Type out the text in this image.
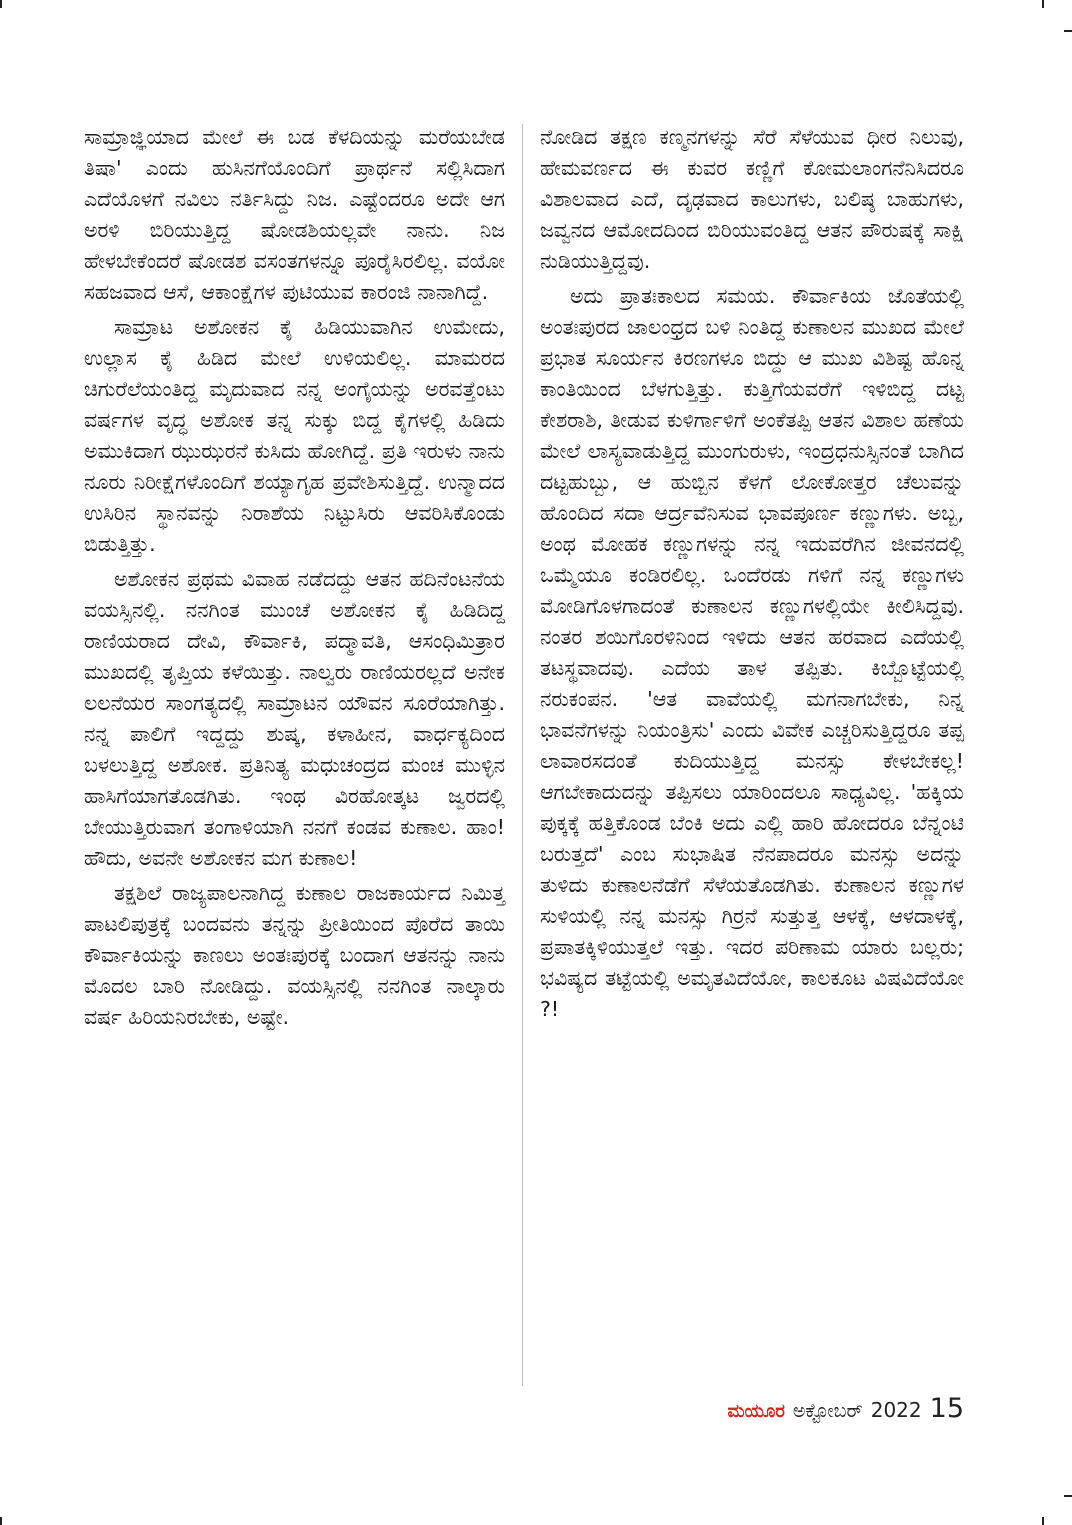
ಸಾಮ್ರಾಜ್ಞಿಯಾದ ಮೇಲೆ ಈ ಬಡ ಕೆಳದಿಯನ್ನು ಮರೆಯಬೇಡ ತಿಷಾ' ಎಂದು ಹುಸಿನಗೆಯೊಂದಿಗೆ ಪ್ರಾರ್ಥನೆ ಸಲ್ಲಿಸಿದಾಗ ಎದೆಯೊಳಗೆ ನವಿಲು ನರ್ತಿಸಿದ್ದು ನಿಜ. ಎಷ್ಟೆಂದರೂ ಅದೇ ಆಗ ಅರಳಿ ಬಿರಿಯುತ್ತಿದ್ದ ಷೋಡಶಿಯಲ್ಲವೇ ನಾನು. ನಿಜ ಹೇಳಬೇಕೆಂದರೆ ಷೋಡಶ ವಸಂತಗಳನ್ನೂ ಪೂರೈಸಿರಲಿಲ್ಲ. ವಯೋ ಸಹಜವಾದ ಆಸೆ, ಆಕಾಂಕ್ಷೆಗಳ ಪುಟಿಯುವ ಕಾರಂಜಿ ನಾನಾಗಿದ್ದೆ.

ಸಾಮ್ರಾಟ ಅಶೋಕನ ಕೈ ಹಿಡಿಯುವಾಗಿನ ಉಮೇದು, ಉಲ್ಲಾಸ ಕೈ ಹಿಡಿದ ಮೇಲೆ ಉಳಿಯಲಿಲ್ಲ. ಮಾಮರದ ಚಿಗುರೆಲೆಯಂತಿದ್ದ ಮೃದುವಾದ ನನ್ನ ಅಂಗೈಯನ್ನು ಅರವತ್ತೆಂಟು ವರ್ಷಗಳ ವೃದ್ಧ ಅಶೋಕ ತನ್ನ ಸುಕ್ಕು ಬಿದ್ದ ಕೈಗಳಲ್ಲಿ ಹಿಡಿದು ಅಮುಕಿದಾಗ ಝುಝರನೆ ಕುಸಿದು ಹೋಗಿದ್ದೆ. ಪ್ರತಿ ಇರುಳು ನಾನು ನೂರು ನಿರೀಕ್ಷೆಗಳೊಂದಿಗೆ ಶಯ್ಯಾಗೃಹ ಪ್ರವೇಶಿಸುತ್ತಿದ್ದೆ. ಉನ್ಮಾದದ ಉಸಿರಿನ ಸ್ಥಾನವನ್ನು ನಿರಾಶೆಯ ನಿಟ್ಟುಸಿರು ಆವರಿಸಿಕೊಂಡು ಬಿಡುತ್ತಿತ್ತು.

ಅಶೋಕನ ಪ್ರಥಮ ವಿವಾಹ ನಡೆದದ್ದು ಆತನ ಹದಿನೆಂಟನೆಯ ವಯಸ್ಸಿನಲ್ಲಿ. ನನಗಿಂತ ಮುಂಚೆ ಅಶೋಕನ ಕೈ ಹಿಡಿದಿದ್ದ ರಾಣಿಯರಾದ ದೇವಿ, ಕೌರ್ವಾಕಿ, ಪದ್ಮಾವತಿ, ಆಸಂಧಿಮಿತ್ರಾರ ಮುಖದಲ್ಲಿ ತೃಪ್ತಿಯ ಕಳೆಯಿತ್ತು. ನಾಲ್ವರು ರಾಣಿಯರಲ್ಲದೆ ಅನೇಕ ಲಲನೆಯರ ಸಾಂಗತ್ಯದಲ್ಲಿ ಸಾಮ್ರಾಟನ ಯೌವನ ಸೂರೆಯಾಗಿತ್ತು. ನನ್ನ ಪಾಲಿಗೆ ಇದ್ದದ್ದು ಶುಷ್ಕ, ಕಳಾಹೀನ, ವಾರ್ಧಕ್ಯದಿಂದ ಬಳಲುತ್ತಿದ್ದ ಅಶೋಕ. ಪ್ರತಿನಿತ್ಯ ಮಧುಚಂದ್ರದ ಮಂಚ ಮುಳ್ಳಿನ ಹಾಸಿಗೆಯಾಗತೊಡಗಿತು. ಇಂಥ ವಿರಹೋತ್ಕಟ ಜ್ವರದಲ್ಲಿ ಬೇಯುತ್ತಿರುವಾಗ ತಂಗಾಳಿಯಾಗಿ ನನಗೆ ಕಂಡವ ಕುಣಾಲ. ಹಾಂ! ಹೌದು, ಅವನೇ ಅಶೋಕನ ಮಗ ಕುಣಾಲ!

ತಕ್ಷಶಿಲೆ ರಾಜ್ಯಪಾಲನಾಗಿದ್ದ ಕುಣಾಲ ರಾಜಕಾರ್ಯದ ನಿಮಿತ್ತ ಪಾಟಲಿಪುತ್ರಕ್ಕೆ ಬಂದವನು ತನ್ನನ್ನು ಪ್ರೀತಿಯಿಂದ ಪೊರೆದ ತಾಯಿ ಕೌರ್ವಾಕಿಯನ್ನು ಕಾಣಲು ಅಂತಃಪುರಕ್ಕೆ ಬಂದಾಗ ಆತನನ್ನು ನಾನು ಮೊದಲ ಬಾರಿ ನೋಡಿದ್ದು. ವಯಸ್ಸಿನಲ್ಲಿ ನನಗಿಂತ ನಾಲ್ಕಾರು ವರ್ಷ ಹಿರಿಯನಿರಬೇಕು, ಅಷ್ಟೇ.

ನೋಡಿದ ತಕ್ಷಣ ಕಣ್ಮನಗಳನ್ನು ಸೆರೆ ಸೆಳೆಯುವ ಧೀರ ನಿಲುವು, ಹೇಮವರ್ಣದ ಈ ಕುವರ ಕಣ್ಣಿಗೆ ಕೋಮಲಾಂಗನೆನಿಸಿದರೂ ವಿಶಾಲವಾದ ಎದೆ, ದೃಢವಾದ ಕಾಲುಗಳು, ಬಲಿಷ್ಠ ಬಾಹುಗಳು, ಜವ್ವನದ ಆಮೋದದಿಂದ ಬಿರಿಯುವಂತಿದ್ದ ಆತನ ಪೌರುಷಕ್ಕೆ ಸಾಕ್ಷಿ ನುಡಿಯುತ್ತಿದ್ದವು.

ಅದು ಪ್ರಾತಃಕಾಲದ ಸಮಯ. ಕೌರ್ವಾಕಿಯ ಜೊತೆಯಲ್ಲಿ ಅಂತಃಪುರದ ಜಾಲಂಧ್ರದ ಬಳಿ ನಿಂತಿದ್ದ ಕುಣಾಲನ ಮುಖದ ಮೇಲೆ ಪ್ರಭಾತ ಸೂರ್ಯನ ಕಿರಣಗಳೂ ಬಿದ್ದು ಆ ಮುಖ ವಿಶಿಷ್ಟ ಹೊನ್ನ ಕಾಂತಿಯಿಂದ ಬೆಳಗುತ್ತಿತ್ತು. ಕುತ್ತಿಗೆಯವರೆಗೆ ಇಳಿಬಿದ್ದ ದಟ್ಟ ಕೇಶರಾಶಿ, ತೀಡುವ ಕುಳಿರ್ಗಾಳಿಗೆ ಅಂಕೆತಪ್ಪಿ ಆತನ ವಿಶಾಲ ಹಣೆಯ ಮೇಲೆ ಲಾಸ್ಯವಾಡುತ್ತಿದ್ದ ಮುಂಗುರುಳು, ಇಂದ್ರಧನುಸ್ಸಿನಂತೆ ಬಾಗಿದ ದಟ್ಟಹುಬ್ಬು, ಆ ಹುಬ್ಬಿನ ಕೆಳಗೆ ಲೋಕೋತ್ತರ ಚೆಲುವನ್ನು ಹೊಂದಿದ ಸದಾ ಆರ್ದ್ರವೆನಿಸುವ ಭಾವಪೂರ್ಣ ಕಣ್ಣುಗಳು. ಅಬ್ಬ, ಅಂಥ ಮೋಹಕ ಕಣ್ಣುಗಳನ್ನು ನನ್ನ ಇದುವರೆಗಿನ ಜೀವನದಲ್ಲಿ ಒಮ್ಮೆಯೂ ಕಂಡಿರಲಿಲ್ಲ. ಒಂದೆರಡು ಗಳಿಗೆ ನನ್ನ ಕಣ್ಣುಗಳು ಮೋಡಿಗೊಳಗಾದಂತೆ ಕುಣಾಲನ ಕಣ್ಣುಗಳಲ್ಲಿಯೇ ಕೀಲಿಸಿದ್ದವು. ನಂತರ ಶಯಿಗೊರಳಿನಿಂದ ಇಳಿದು ಆತನ ಹರವಾದ ಎದೆಯಲ್ಲಿ ತಟಸ್ಥವಾದವು. ಎದೆಯ ತಾಳ ತಪ್ಪಿತು. ಕಿಬ್ಬೊಟ್ಟೆಯಲ್ಲಿ ನರುಕಂಪನ. 'ಆತ ವಾವೆಯಲ್ಲಿ ಮಗನಾಗಬೇಕು, ನಿನ್ನ ಭಾವನೆಗಳನ್ನು ನಿಯಂತ್ರಿಸು' ಎಂದು ವಿವೇಕ ಎಚ್ಚರಿಸುತ್ತಿದ್ದರೂ ತಪ್ಪ ಲಾವಾರಸದಂತೆ ಕುದಿಯುತ್ತಿದ್ದ ಮನಸ್ಸು ಕೇಳಬೇಕಲ್ಲ! ಆಗಬೇಕಾದುದನ್ನು ತಪ್ಪಿಸಲು ಯಾರಿಂದಲೂ ಸಾಧ್ಯವಿಲ್ಲ. 'ಹಕ್ಕಿಯ ಪುಕ್ಕಕ್ಕೆ ಹತ್ತಿಕೊಂಡ ಬೆಂಕಿ ಅದು ಎಲ್ಲಿ ಹಾರಿ ಹೋದರೂ ಬೆನ್ನಂಟಿ ಬರುತ್ತದೆ' ಎಂಬ ಸುಭಾಷಿತ ನೆನಪಾದರೂ ಮನಸ್ಸು ಅದನ್ನು ತುಳಿದು ಕುಣಾಲನೆಡೆಗೆ ಸೆಳೆಯತೊಡಗಿತು. ಕುಣಾಲನ ಕಣ್ಣುಗಳ ಸುಳಿಯಲ್ಲಿ ನನ್ನ ಮನಸ್ಸು ಗಿರ್ರನೆ ಸುತ್ತುತ್ತ ಆಳಕ್ಕೆ, ಆಳದಾಳಕ್ಕೆ, ಪ್ರಪಾತಕ್ಕಿಳಿಯುತ್ತಲೆ ಇತ್ತು. ಇದರ ಪರಿಣಾಮ ಯಾರು ಬಲ್ಲರು; ಭವಿಷ್ಯದ ತಟ್ಟೆಯಲ್ಲಿ ಅಮೃತವಿದೆಯೋ, ಕಾಲಕೂಟ ವಿಷವಿದೆಯೋ ?!

ಮಯೂರ ಅಕ್ಟೋಬರ್ 2022 15
